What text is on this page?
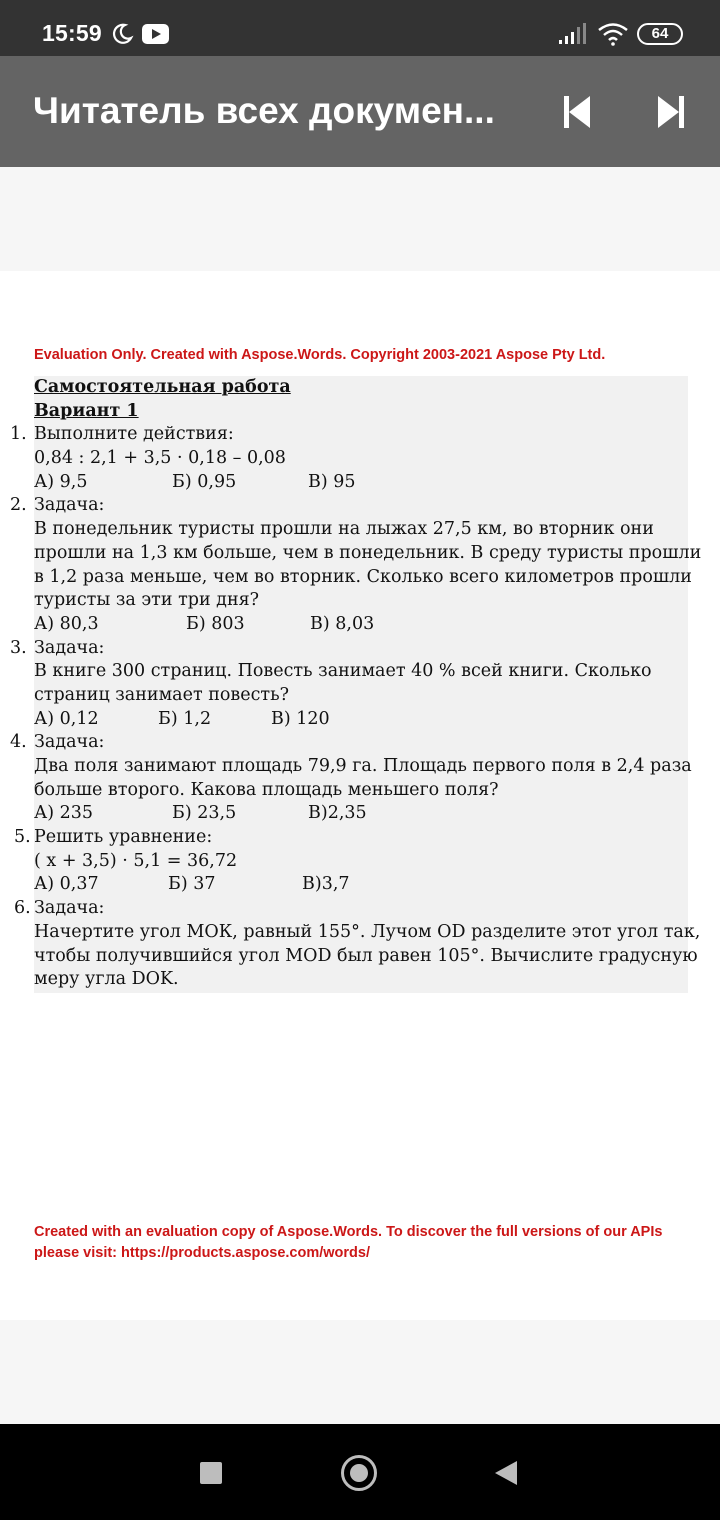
15:59	64
Читатель всех докумен...
Evaluation Only. Created with Aspose.Words. Copyright 2003-2021 Aspose Pty Ltd.
Самостоятельная работа
Вариант 1
1. Выполните действия:
0,84 : 2,1 + 3,5 · 0,18 – 0,08
А) 9,5	Б) 0,95	В) 95
2. Задача:
В понедельник туристы прошли на лыжах 27,5 км, во вторник они
прошли на 1,3 км больше, чем в понедельник. В среду туристы прошли
в 1,2 раза меньше, чем во вторник. Сколько всего километров прошли
туристы за эти три дня?
А) 80,3	Б) 803	В) 8,03
3. Задача:
В книге 300 страниц. Повесть занимает 40 % всей книги. Сколько
страниц занимает повесть?
А) 0,12	Б) 1,2	В) 120
4. Задача:
Два поля занимают площадь 79,9 га. Площадь первого поля в 2,4 раза
больше второго. Какова площадь меньшего поля?
А) 235	Б) 23,5	В)2,35
5. Решить уравнение:
( x + 3,5) · 5,1 = 36,72
А) 0,37	Б) 37	В)3,7
6. Задача:
Начертите угол МОК, равный 155°. Лучом OD разделите этот угол так,
чтобы получившийся угол МOD был равен 105°. Вычислите градусную
меру угла DOK.
Created with an evaluation copy of Aspose.Words. To discover the full versions of our APIs
please visit: https://products.aspose.com/words/
